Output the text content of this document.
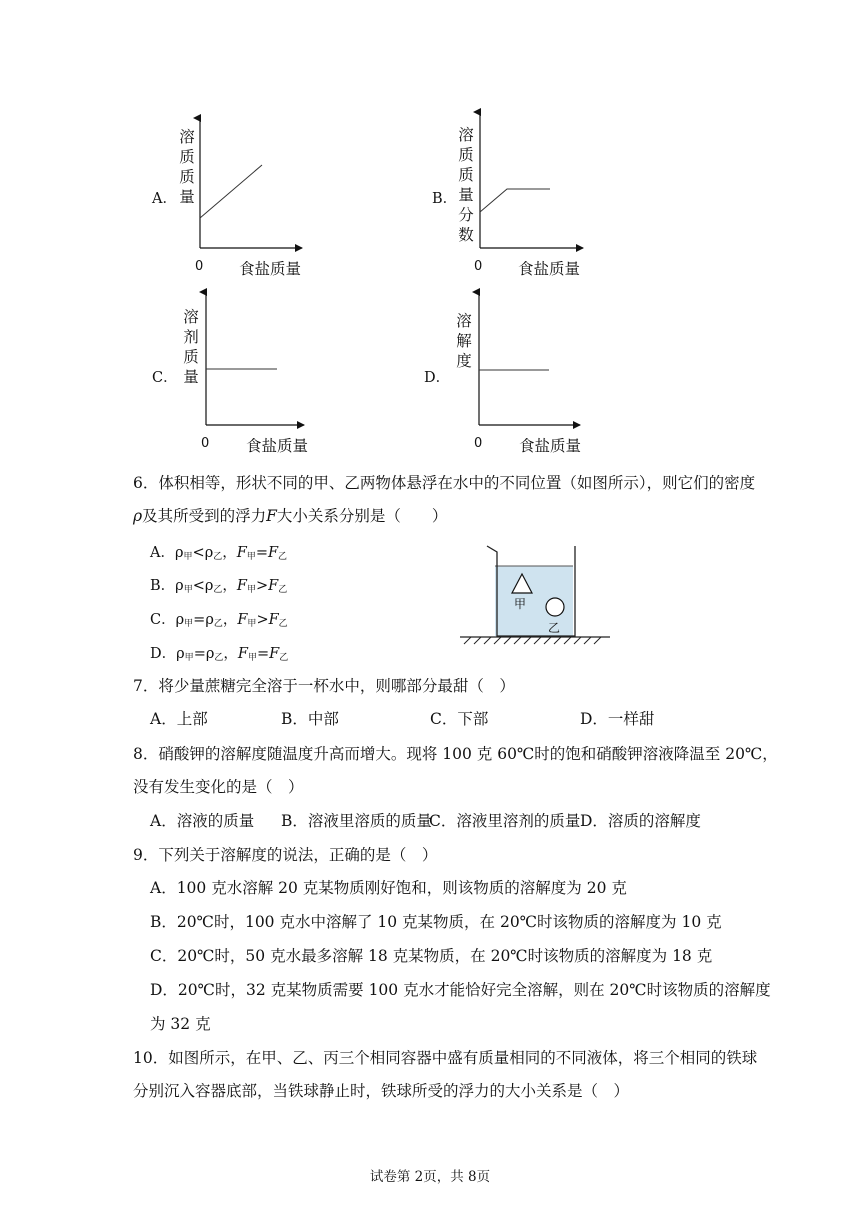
A．
溶质质量
0 食盐质量
B．
溶质质量分数
0 食盐质量
C．
溶剂质量
0 食盐质量
D．
溶解度
0 食盐质量
6．体积相等，形状不同的甲、乙两物体悬浮在水中的不同位置（如图所示），则它们的密度
ρ及其所受到的浮力F大小关系分别是（　　）
A．$\rho_甲<\rho_乙$，$F_甲=F_乙$
B．$\rho_甲<\rho_乙$，$F_甲>F_乙$
C．$\rho_甲=\rho_乙$，$F_甲>F_乙$
D．$\rho_甲=\rho_乙$，$F_甲=F_乙$
甲
乙
7．将少量蔗糖完全溶于一杯水中，则哪部分最甜（　）
A．上部	B．中部	C．下部	D．一样甜
8．硝酸钾的溶解度随温度升高而增大。现将 100 克 60℃时的饱和硝酸钾溶液降温至 20℃，
没有发生变化的是（　）
A．溶液的质量 B．溶液里溶质的质量
C．溶液里溶剂的质量 D．溶质的溶解度
9．下列关于溶解度的说法，正确的是（　）
A．100 克水溶解 20 克某物质刚好饱和，则该物质的溶解度为 20 克
B．20℃时，100 克水中溶解了 10 克某物质，在 20℃时该物质的溶解度为 10 克
C．20℃时，50 克水最多溶解 18 克某物质，在 20℃时该物质的溶解度为 18 克
D．20℃时，32 克某物质需要 100 克水才能恰好完全溶解，则在 20℃时该物质的溶解度
为 32 克
10．如图所示，在甲、乙、丙三个相同容器中盛有质量相同的不同液体，将三个相同的铁球
分别沉入容器底部，当铁球静止时，铁球所受的浮力的大小关系是（　）
试卷第 2页，共 8页
